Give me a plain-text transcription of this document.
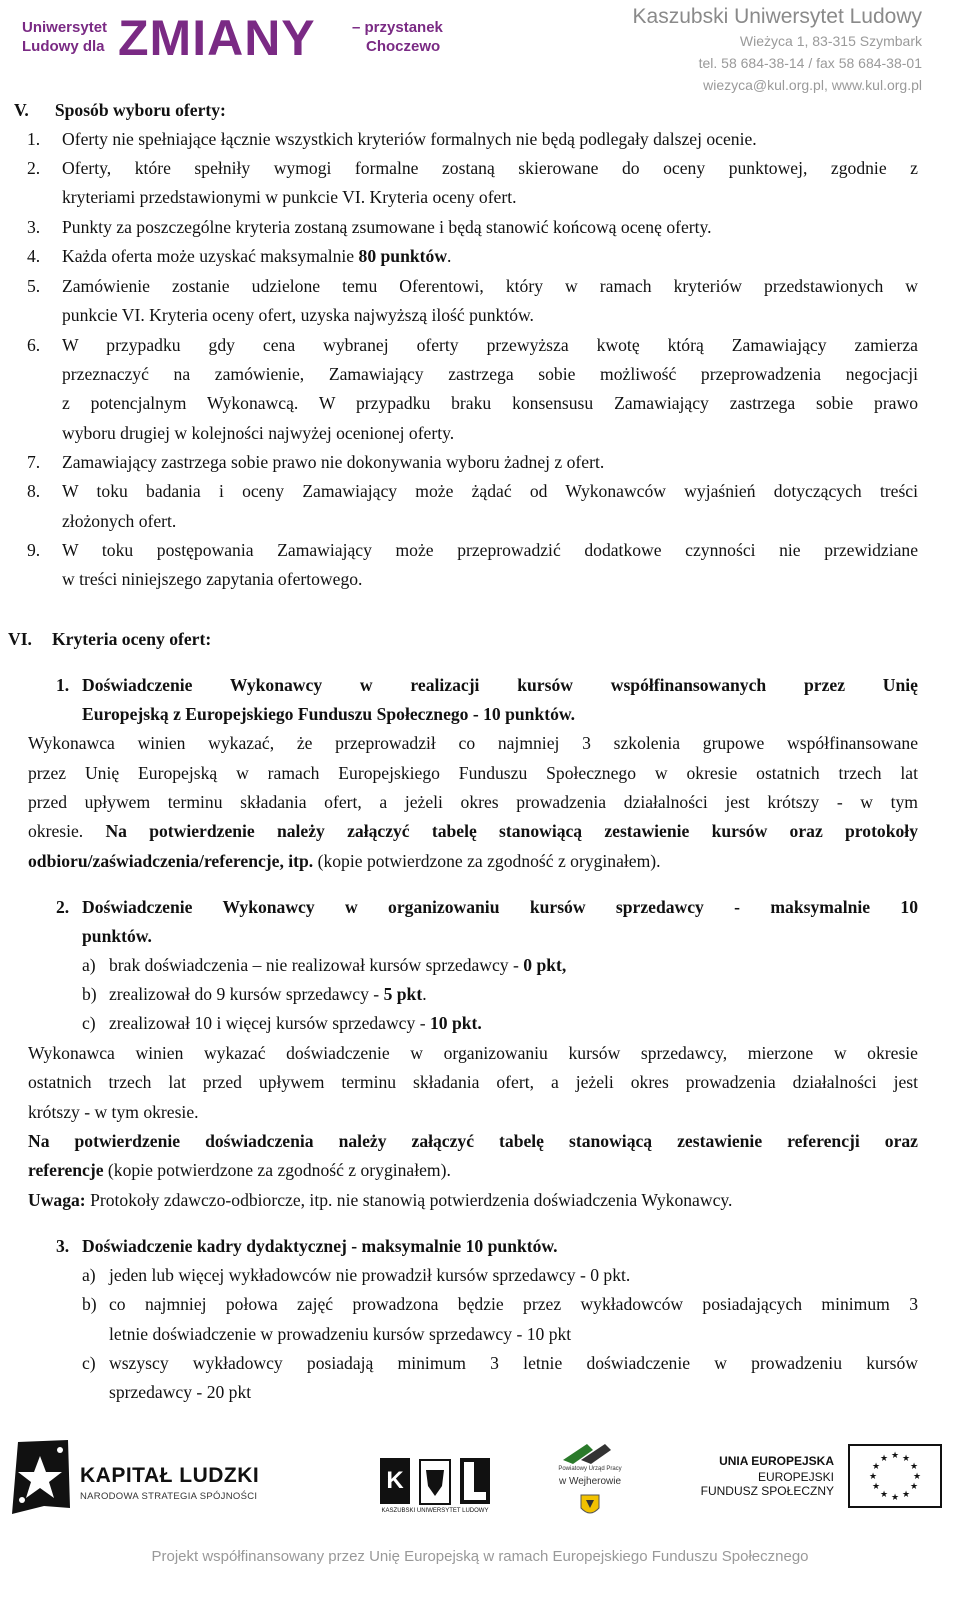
Uniwersytet
Ludowy dla ZMIANY – przystanek
Choczewo
Kaszubski Uniwersytet Ludowy
Wieżyca 1, 83-315 Szymbark
tel. 58 684-38-14 / fax 58 684-38-01
wiezyca@kul.org.pl, www.kul.org.pl
V. Sposób wyboru oferty:
1. Oferty nie spełniające łącznie wszystkich kryteriów formalnych nie będą podlegały dalszej ocenie.
2. Oferty, które spełniły wymogi formalne zostaną skierowane do oceny punktowej, zgodnie z
kryteriami przedstawionymi w punkcie VI. Kryteria oceny ofert.
3. Punkty za poszczególne kryteria zostaną zsumowane i będą stanowić końcową ocenę oferty.
4. Każda oferta może uzyskać maksymalnie 80 punktów.
5. Zamówienie zostanie udzielone temu Oferentowi, który w ramach kryteriów przedstawionych w
punkcie VI. Kryteria oceny ofert, uzyska najwyższą ilość punktów.
6. W przypadku gdy cena wybranej oferty przewyższa kwotę którą Zamawiający zamierza
przeznaczyć na zamówienie, Zamawiający zastrzega sobie możliwość przeprowadzenia negocjacji
z potencjalnym Wykonawcą. W przypadku braku konsensusu Zamawiający zastrzega sobie prawo
wyboru drugiej w kolejności najwyżej ocenionej oferty.
7. Zamawiający zastrzega sobie prawo nie dokonywania wyboru żadnej z ofert.
8. W toku badania i oceny Zamawiający może żądać od Wykonawców wyjaśnień dotyczących treści
złożonych ofert.
9. W toku postępowania Zamawiający może przeprowadzić dodatkowe czynności nie przewidziane
w treści niniejszego zapytania ofertowego.
VI. Kryteria oceny ofert:
1. Doświadczenie Wykonawcy w realizacji kursów współfinansowanych przez Unię
Europejską z Europejskiego Funduszu Społecznego - 10 punktów.
Wykonawca winien wykazać, że przeprowadził co najmniej 3 szkolenia grupowe współfinansowane
przez Unię Europejską w ramach Europejskiego Funduszu Społecznego w okresie ostatnich trzech lat
przed upływem terminu składania ofert, a jeżeli okres prowadzenia działalności jest krótszy - w tym
okresie. Na potwierdzenie należy załączyć tabelę stanowiącą zestawienie kursów oraz protokoły
odbioru/zaświadczenia/referencje, itp. (kopie potwierdzone za zgodność z oryginałem).
2. Doświadczenie Wykonawcy w organizowaniu kursów sprzedawcy - maksymalnie 10
punktów.
a) brak doświadczenia – nie realizował kursów sprzedawcy - 0 pkt,
b) zrealizował do 9 kursów sprzedawcy - 5 pkt.
c) zrealizował 10 i więcej kursów sprzedawcy - 10 pkt.
Wykonawca winien wykazać doświadczenie w organizowaniu kursów sprzedawcy, mierzone w okresie
ostatnich trzech lat przed upływem terminu składania ofert, a jeżeli okres prowadzenia działalności jest
krótszy - w tym okresie.
Na potwierdzenie doświadczenia należy załączyć tabelę stanowiącą zestawienie referencji oraz
referencje (kopie potwierdzone za zgodność z oryginałem).
Uwaga: Protokoły zdawczo-odbiorcze, itp. nie stanowią potwierdzenia doświadczenia Wykonawcy.
3. Doświadczenie kadry dydaktycznej - maksymalnie 10 punktów.
a) jeden lub więcej wykładowców nie prowadził kursów sprzedawcy - 0 pkt.
b) co najmniej połowa zajęć prowadzona będzie przez wykładowców posiadających minimum 3
letnie doświadczenie w prowadzeniu kursów sprzedawcy - 10 pkt
c) wszyscy wykładowcy posiadają minimum 3 letnie doświadczenie w prowadzeniu kursów
sprzedawcy - 20 pkt
KAPITAŁ LUDZKI
NARODOWA STRATEGIA SPÓJNOŚCI
K
KASZUBSKI UNIWERSYTET LUDOWY
Powiatowy Urząd Pracy
w Wejherowie
UNIA EUROPEJSKA
EUROPEJSKI
FUNDUSZ SPOŁECZNY
★ ★
★
★
★
★
★
★
★
★
★
★
Projekt współfinansowany przez Unię Europejską w ramach Europejskiego Funduszu Społecznego
